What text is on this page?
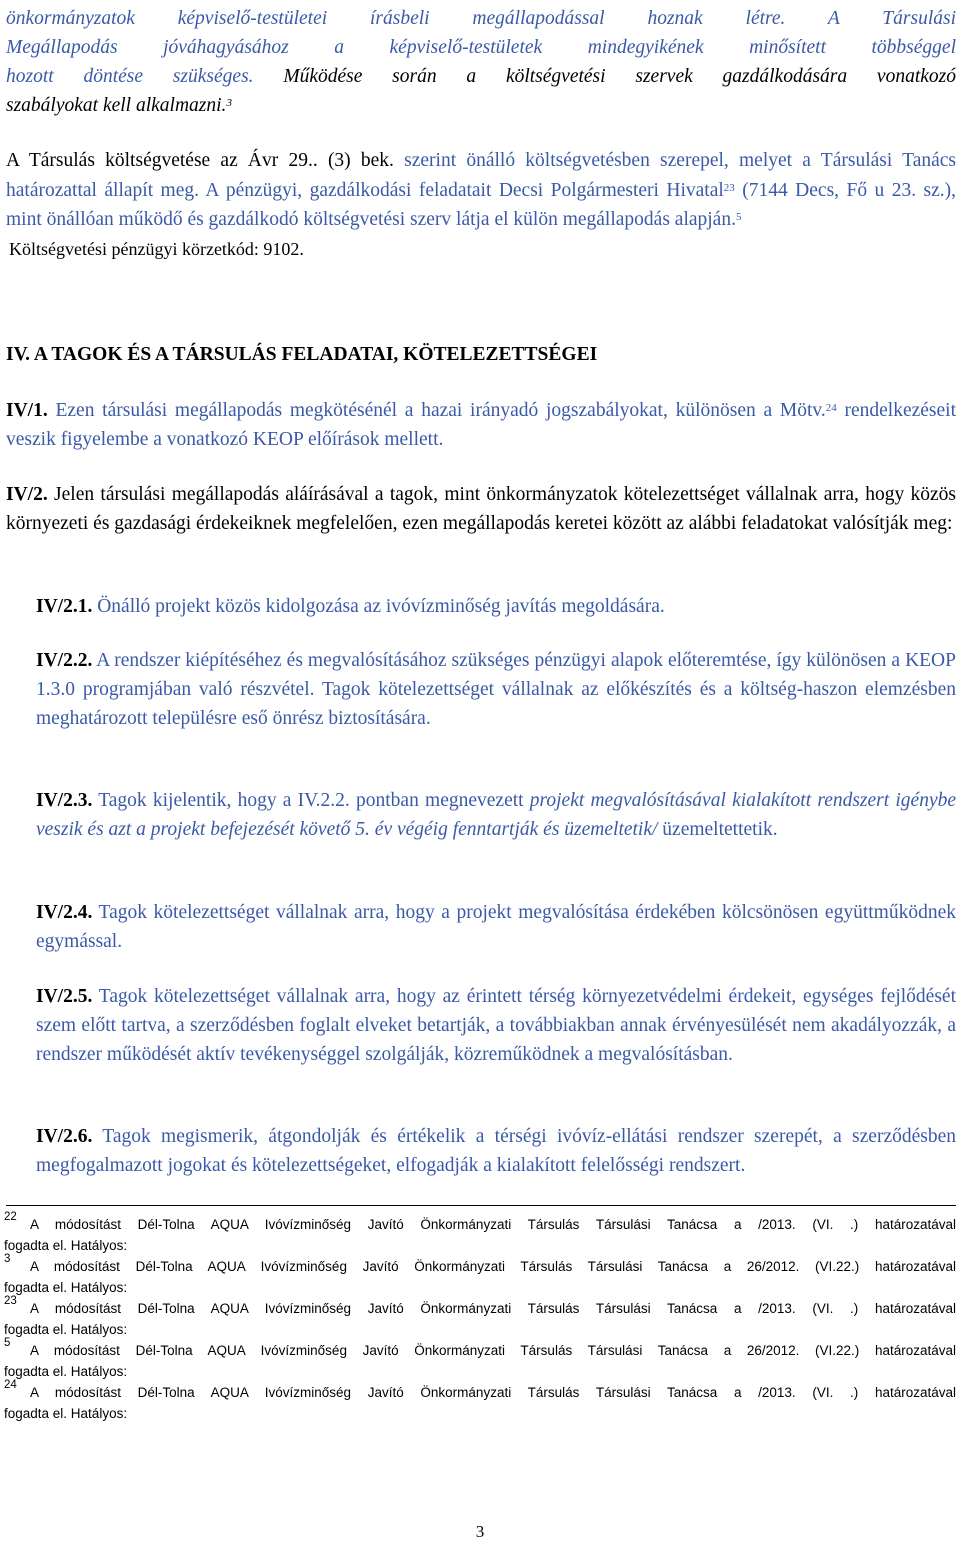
önkormányzatok képviselő-testületei írásbeli megállapodással hoznak létre. A Társulási

Megállapodás jóváhagyásához a képviselő-testületek mindegyikének minősített többséggel

hozott döntése szükséges. Működése során a költségvetési szervek gazdálkodására vonatkozó

szabályokat kell alkalmazni.$^3$

A Társulás költségvetése az Ávr 29.. (3) bek. szerint önálló költségvetésben szerepel, melyet a Társulási Tanács határozattal állapít meg. A pénzügyi, gazdálkodási feladatait Decsi Polgármesteri Hivatal$^{23}$ (7144 Decs, Fő u 23. sz.), mint önállóan működő és gazdálkodó költségvetési szerv látja el külön megállapodás alapján.$^5$

Költségvetési pénzügyi körzetkód: 9102.

IV. A TAGOK ÉS A TÁRSULÁS FELADATAI, KÖTELEZETTSÉGEI

IV/1. Ezen társulási megállapodás megkötésénél a hazai irányadó jogszabályokat, különösen a Mötv.$^{24}$ rendelkezéseit veszik figyelembe a vonatkozó KEOP előírások mellett.

IV/2. Jelen társulási megállapodás aláírásával a tagok, mint önkormányzatok kötelezettséget vállalnak arra, hogy közös környezeti és gazdasági érdekeiknek megfelelően, ezen megállapodás keretei között az alábbi feladatokat valósítják meg:

IV/2.1. Önálló projekt közös kidolgozása az ivóvízminőség javítás megoldására.

IV/2.2. A rendszer kiépítéséhez és megvalósításához szükséges pénzügyi alapok előteremtése, így különösen a KEOP 1.3.0 programjában való részvétel. Tagok kötelezettséget vállalnak az előkészítés és a költség-haszon elemzésben meghatározott településre eső önrész biztosítására.

IV/2.3. Tagok kijelentik, hogy a IV.2.2. pontban megnevezett projekt megvalósításával kialakított rendszert igénybe veszik és azt a projekt befejezését követő 5. év végéig fenntartják és üzemeltetik/ üzemeltettetik.

IV/2.4. Tagok kötelezettséget vállalnak arra, hogy a projekt megvalósítása érdekében kölcsönösen együttműködnek egymással.

IV/2.5. Tagok kötelezettséget vállalnak arra, hogy az érintett térség környezetvédelmi érdekeit, egységes fejlődését szem előtt tartva, a szerződésben foglalt elveket betartják, a továbbiakban annak érvényesülését nem akadályozzák, a rendszer működését aktív tevékenységgel szolgálják, közreműködnek a megvalósításban.

IV/2.6. Tagok megismerik, átgondolják és értékelik a térségi ivóvíz-ellátási rendszer szerepét, a szerződésben megfogalmazott jogokat és kötelezettségeket, elfogadják a kialakított felelősségi rendszert.

22 A módosítást Dél-Tolna AQUA Ivóvízminőség Javító Önkormányzati Társulás Társulási Tanácsa a /2013. (VI. .) határozatával
fogadta el. Hatályos:
3	A módosítást Dél-Tolna AQUA Ivóvízminőség Javító Önkormányzati Társulás Társulási Tanácsa a 26/2012. (VI.22.) határozatával
fogadta el. Hatályos:
23 A módosítást Dél-Tolna AQUA Ivóvízminőség Javító Önkormányzati Társulás Társulási Tanácsa a /2013. (VI. .) határozatával
fogadta el. Hatályos:
5	A módosítást Dél-Tolna AQUA Ivóvízminőség Javító Önkormányzati Társulás Társulási Tanácsa a 26/2012. (VI.22.) határozatával
fogadta el. Hatályos:
24 A módosítást Dél-Tolna AQUA Ivóvízminőség Javító Önkormányzati Társulás Társulási Tanácsa a /2013. (VI. .) határozatával
fogadta el. Hatályos:
3
